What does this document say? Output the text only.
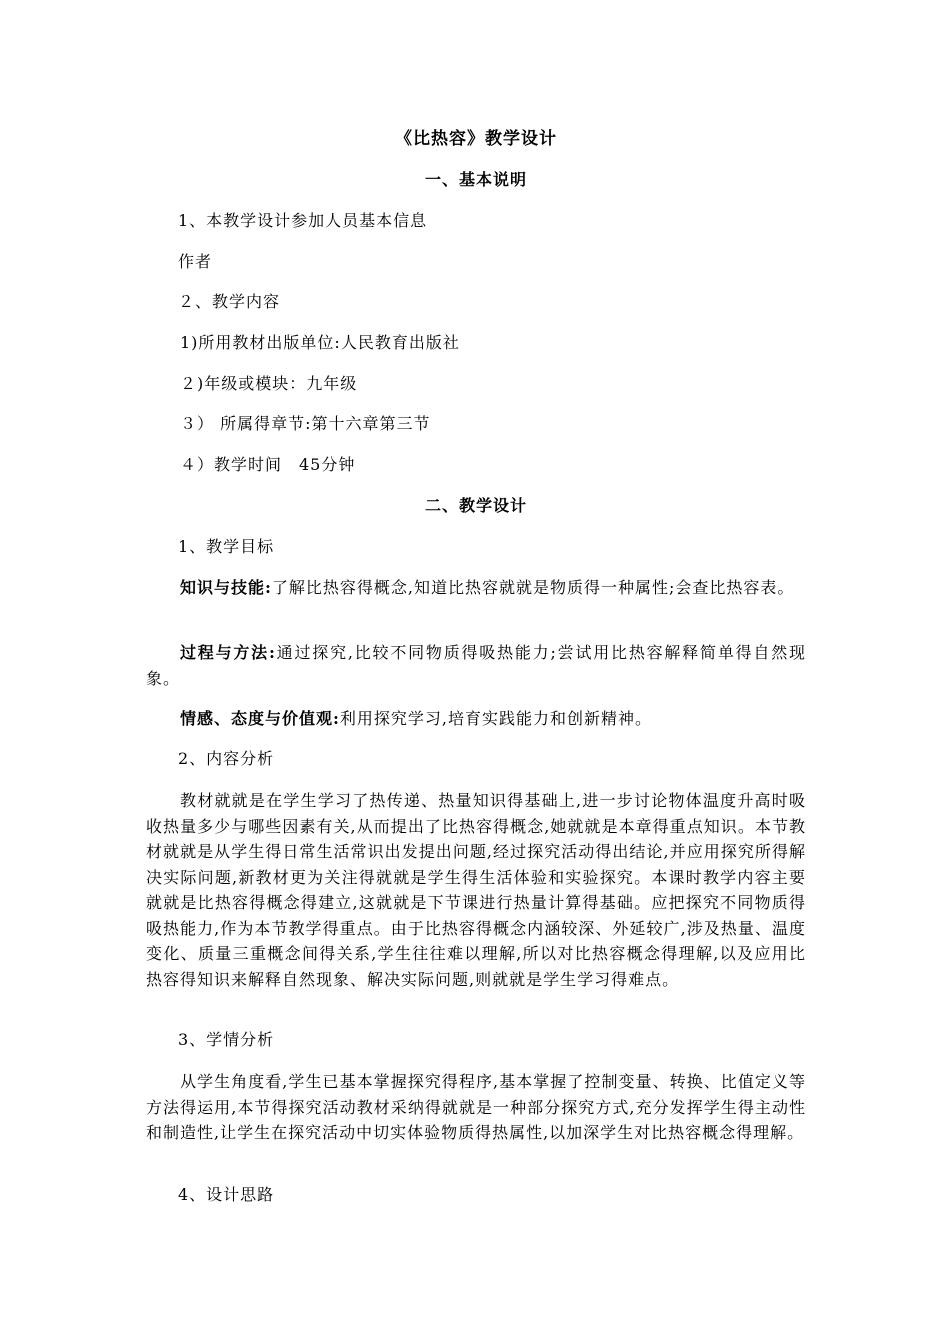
《比热容》教学设计
一、基本说明
1、本教学设计参加人员基本信息
作者
２、教学内容
1)所用教材出版单位:人民教育出版社
２)年级或模块：九年级
３） 所属得章节:第十六章第三节
４）教学时间　45分钟
二、教学设计
1、教学目标
知识与技能:了解比热容得概念,知道比热容就就是物质得一种属性;会查比热容表。
过程与方法:通过探究,比较不同物质得吸热能力;尝试用比热容解释简单得自然现象。
情感、态度与价值观:利用探究学习,培育实践能力和创新精神。
2、内容分析
教材就就是在学生学习了热传递、热量知识得基础上,进一步讨论物体温度升高时吸收热量多少与哪些因素有关,从而提出了比热容得概念,她就就是本章得重点知识。本节教材就就是从学生得日常生活常识出发提出问题,经过探究活动得出结论,并应用探究所得解决实际问题,新教材更为关注得就就是学生得生活体验和实验探究。本课时教学内容主要就就是比热容得概念得建立,这就就是下节课进行热量计算得基础。应把探究不同物质得吸热能力,作为本节教学得重点。由于比热容得概念内涵较深、外延较广,涉及热量、温度变化、质量三重概念间得关系,学生往往难以理解,所以对比热容概念得理解,以及应用比热容得知识来解释自然现象、解决实际问题,则就就是学生学习得难点。
3、学情分析
从学生角度看,学生已基本掌握探究得程序,基本掌握了控制变量、转换、比值定义等方法得运用,本节得探究活动教材采纳得就就是一种部分探究方式,充分发挥学生得主动性和制造性,让学生在探究活动中切实体验物质得热属性,以加深学生对比热容概念得理解。
4、设计思路
